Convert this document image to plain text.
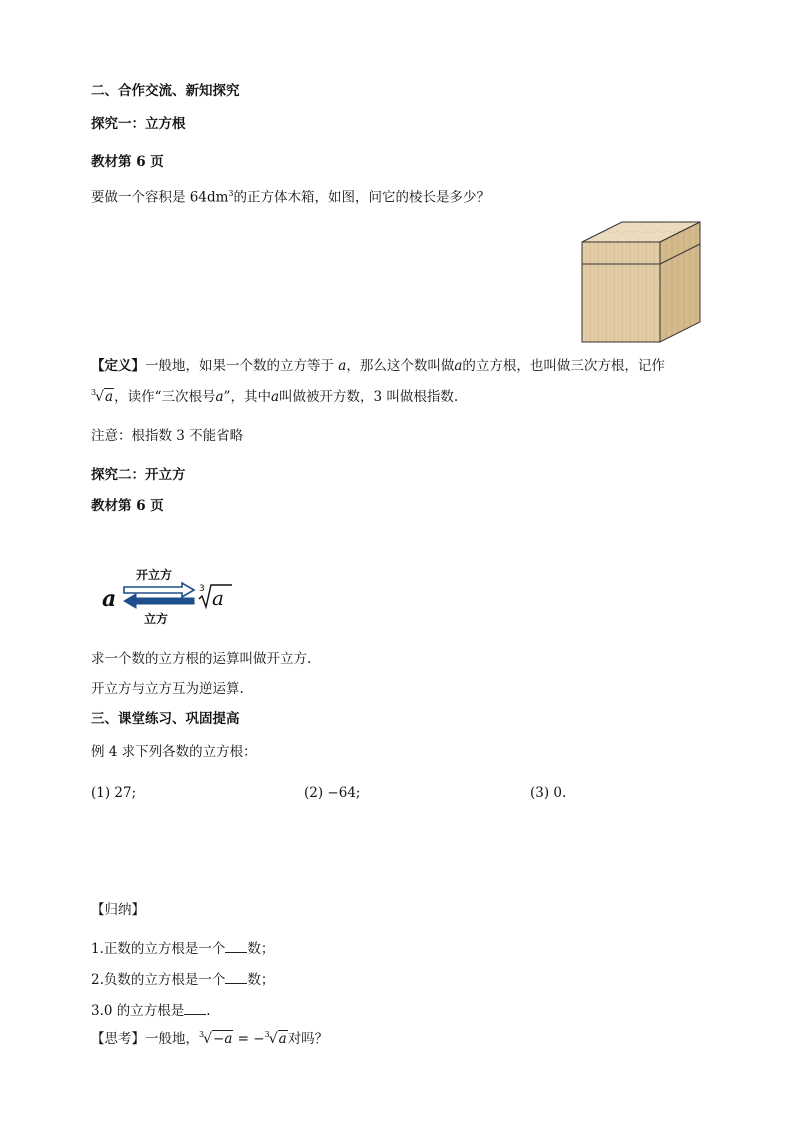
二、合作交流、新知探究
探究一：立方根
教材第 6 页
要做一个容积是 $64dm^3$的正方体木箱，如图，问它的棱长是多少？
【定义】一般地，如果一个数的立方等于 a，那么这个数叫做a的立方根，也叫做三次方根，记作
$^3$√a，读作“三次根号a”，其中a叫做被开方数，3 叫做根指数.
注意：根指数 3 不能省略
探究二：开立方
教材第 6 页
a
开立方
立方
3 a
求一个数的立方根的运算叫做开立方.
开立方与立方互为逆运算.
三、课堂练习、巩固提高
例 4 求下列各数的立方根：
(1) 27;	(2) −64;	(3) 0.
【归纳】
1.正数的立方根是一个 数；
2.负数的立方根是一个 数；
3.0 的立方根是 .
【思考】一般地，$^3$√−a = −$^3$√a对吗？
